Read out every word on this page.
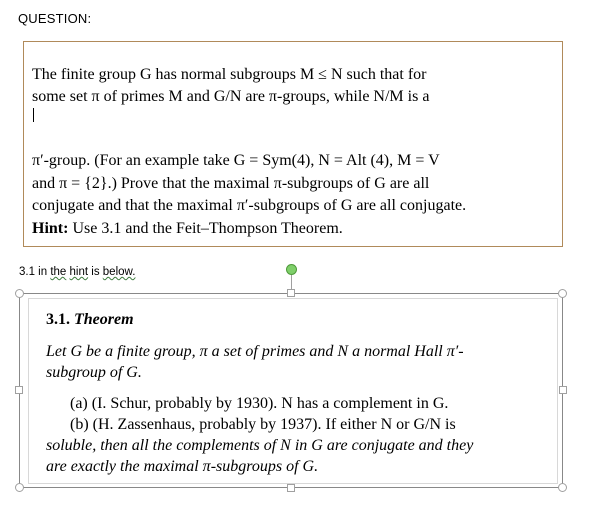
QUESTION:
The finite group G has normal subgroups M ≤ N such that for
some set π of primes M and G/N are π-groups, while N/M is a
π′-group. (For an example take G = Sym(4), N = Alt (4), M = V
and π = {2}.) Prove that the maximal π-subgroups of G are all
conjugate and that the maximal π′-subgroups of G are all conjugate.
Hint: Use 3.1 and the Feit–Thompson Theorem.
3.1 in the hint is below.
3.1. Theorem
Let G be a finite group, π a set of primes and N a normal Hall π′-
subgroup of G.
(a) (I. Schur, probably by 1930). N has a complement in G.
(b) (H. Zassenhaus, probably by 1937). If either N or G/N is
soluble, then all the complements of N in G are conjugate and they
are exactly the maximal π-subgroups of G.
